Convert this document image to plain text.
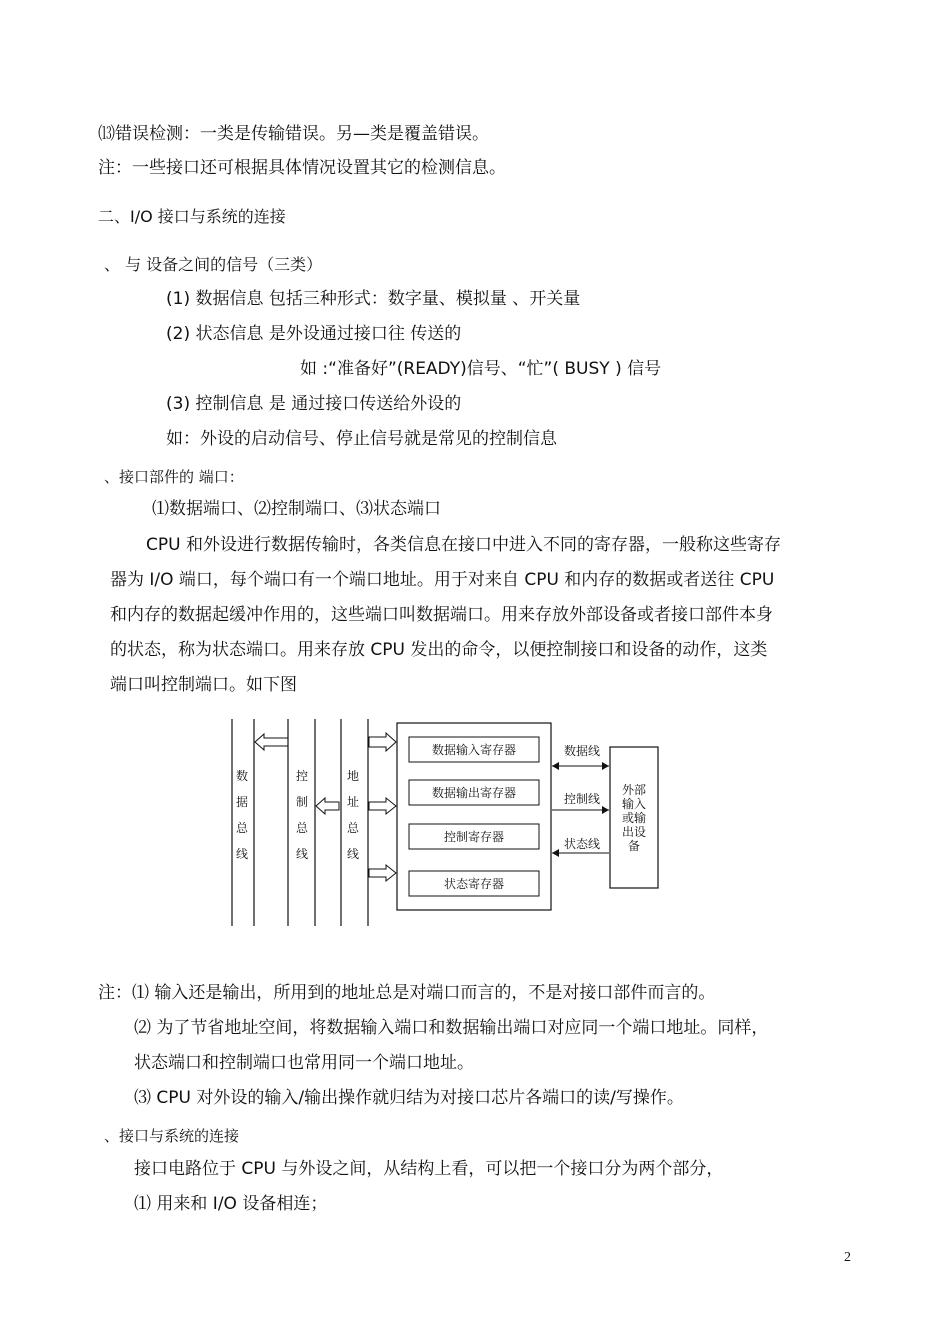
⒀错误检测：一类是传输错误。另—类是覆盖错误。
注：一些接口还可根据具体情况设置其它的检测信息。
二、I/O 接口与系统的连接
、 与 设备之间的信号（三类）
(1) 数据信息 包括三种形式：数字量、模拟量 、开关量
(2) 状态信息 是外设通过接口往 传送的
如 :“准备好”(READY)信号、“忙”( BUSY ) 信号
(3) 控制信息 是 通过接口传送给外设的
如：外设的启动信号、停止信号就是常见的控制信息
、接口部件的 端口：
⑴数据端口、⑵控制端口、⑶状态端口
CPU 和外设进行数据传输时，各类信息在接口中进入不同的寄存器，一般称这些寄存
器为 I/O 端口，每个端口有一个端口地址。用于对来自 CPU 和内存的数据或者送往 CPU
和内存的数据起缓冲作用的，这些端口叫数据端口。用来存放外部设备或者接口部件本身
的状态，称为状态端口。用来存放 CPU 发出的命令，以便控制接口和设备的动作，这类
端口叫控制端口。如下图
数
据
总
线
控
制
总
线
地
址
总
线
数据输入寄存器
数据输出寄存器
控制寄存器
状态寄存器
数据线
控制线
状态线
外部
输入
或输
出设
备
注：⑴ 输入还是输出，所用到的地址总是对端口而言的，不是对接口部件而言的。
⑵ 为了节省地址空间，将数据输入端口和数据输出端口对应同一个端口地址。同样，
状态端口和控制端口也常用同一个端口地址。
⑶ CPU 对外设的输入/输出操作就归结为对接口芯片各端口的读/写操作。
、接口与系统的连接
接口电路位于 CPU 与外设之间，从结构上看，可以把一个接口分为两个部分，
⑴ 用来和 I/O 设备相连；
2
